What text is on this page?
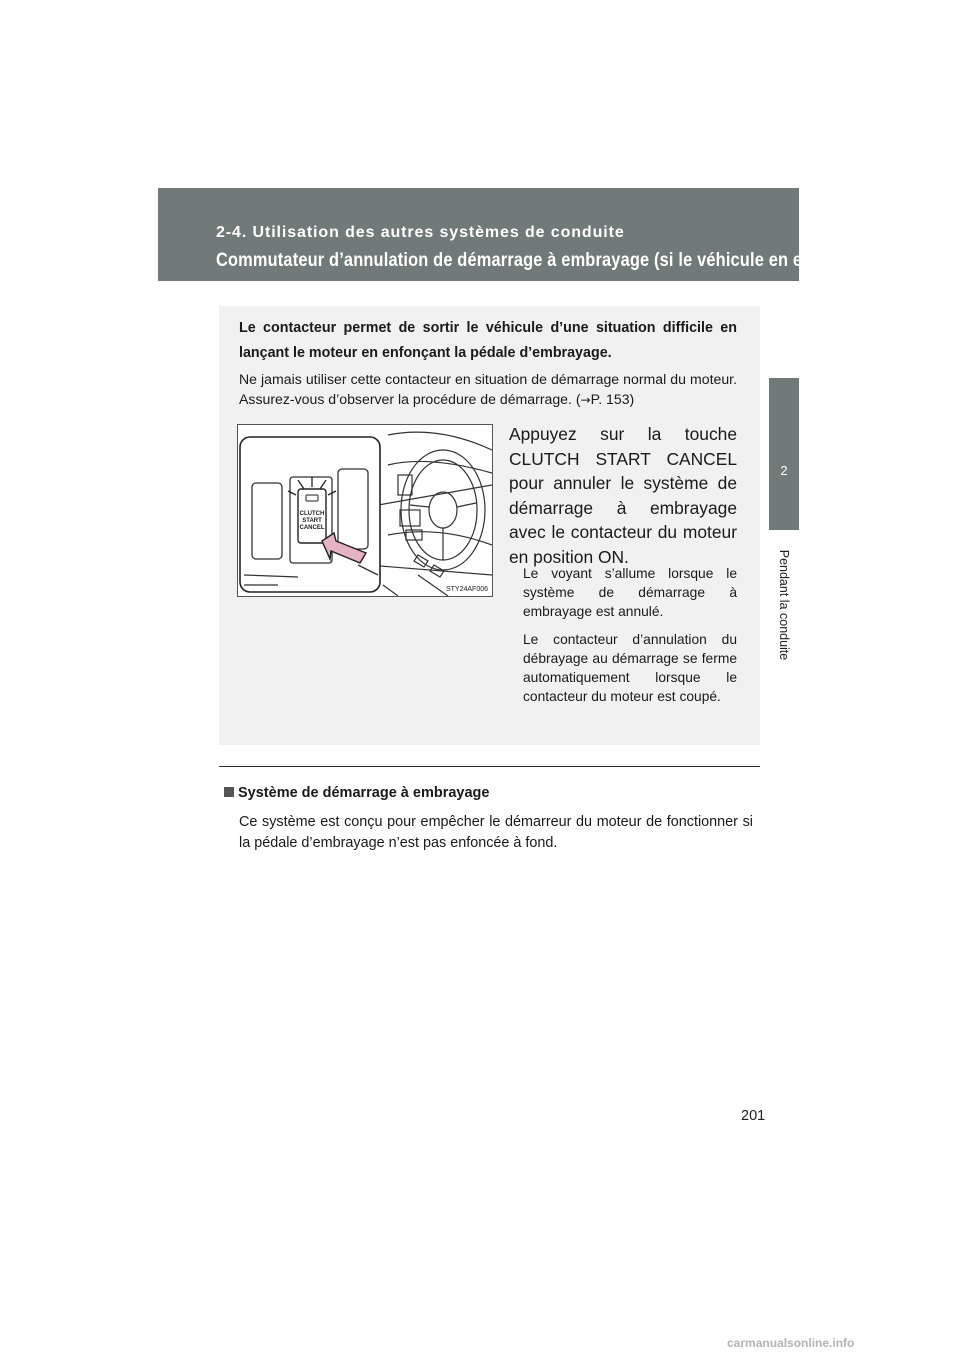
2-4. Utilisation des autres systèmes de conduite
Commutateur d’annulation de démarrage à embrayage (si le véhicule en est doté)
2
Pendant la conduite
Le contacteur permet de sortir le véhicule d’une situation difficile en lançant le moteur en enfonçant la pédale d’embrayage.
Ne jamais utiliser cette contacteur en situation de démarrage normal du moteur. Assurez-vous d’observer la procédure de démarrage. (→P. 153)
CLUTCH
START
CANCEL
STY24AF006
Appuyez sur la touche CLUTCH START CANCEL pour annuler le système de démarrage à embrayage avec le contacteur du moteur en position ON.
Le voyant s’allume lorsque le système de démarrage à embrayage est annulé.
Le contacteur d’annulation du débrayage au démarrage se ferme automatiquement lorsque le contacteur du moteur est coupé.
Système de démarrage à embrayage
Ce système est conçu pour empêcher le démarreur du moteur de fonctionner si la pédale d’embrayage n’est pas enfoncée à fond.
201
carmanualsonline.info
